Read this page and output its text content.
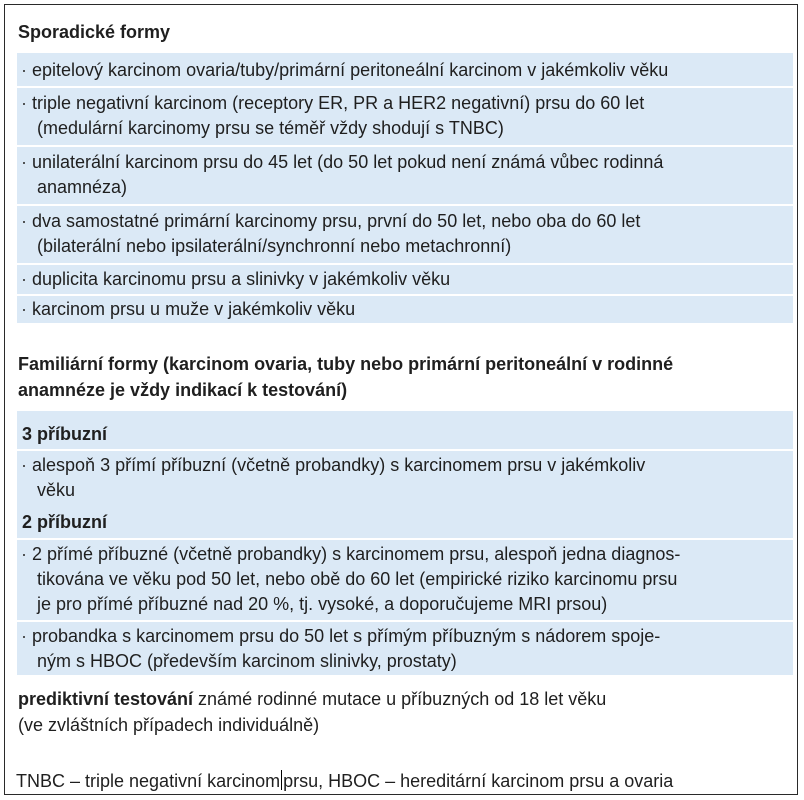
Sporadické formy
· epitelový karcinom ovaria/tuby/primární peritoneální karcinom v jakémkoliv věku
· triple negativní karcinom (receptory ER, PR a HER2 negativní) prsu do 60 let
(medulární karcinomy prsu se téměř vždy shodují s TNBC)
· unilaterální karcinom prsu do 45 let (do 50 let pokud není známá vůbec rodinná
anamnéza)
· dva samostatné primární karcinomy prsu, první do 50 let, nebo oba do 60 let
(bilaterální nebo ipsilaterální/synchronní nebo metachronní)
· duplicita karcinomu prsu a slinivky v jakémkoliv věku
· karcinom prsu u muže v jakémkoliv věku
Familiární formy (karcinom ovaria, tuby nebo primární peritoneální v rodinné
anamnéze je vždy indikací k testování)
3 příbuzní
· alespoň 3 přímí příbuzní (včetně probandky) s karcinomem prsu v jakémkoliv
věku
2 příbuzní
· 2 přímé příbuzné (včetně probandky) s karcinomem prsu, alespoň jedna diagnos-
tikována ve věku pod 50 let, nebo obě do 60 let (empirické riziko karcinomu prsu
je pro přímé příbuzné nad 20 %, tj. vysoké, a doporučujeme MRI prsou)
· probandka s karcinomem prsu do 50 let s přímým příbuzným s nádorem spoje-
ným s HBOC (především karcinom slinivky, prostaty)
prediktivní testování známé rodinné mutace u příbuzných od 18 let věku
(ve zvláštních případech individuálně)
TNBC – triple negativní karcinom prsu, HBOC – hereditární karcinom prsu a ovaria
